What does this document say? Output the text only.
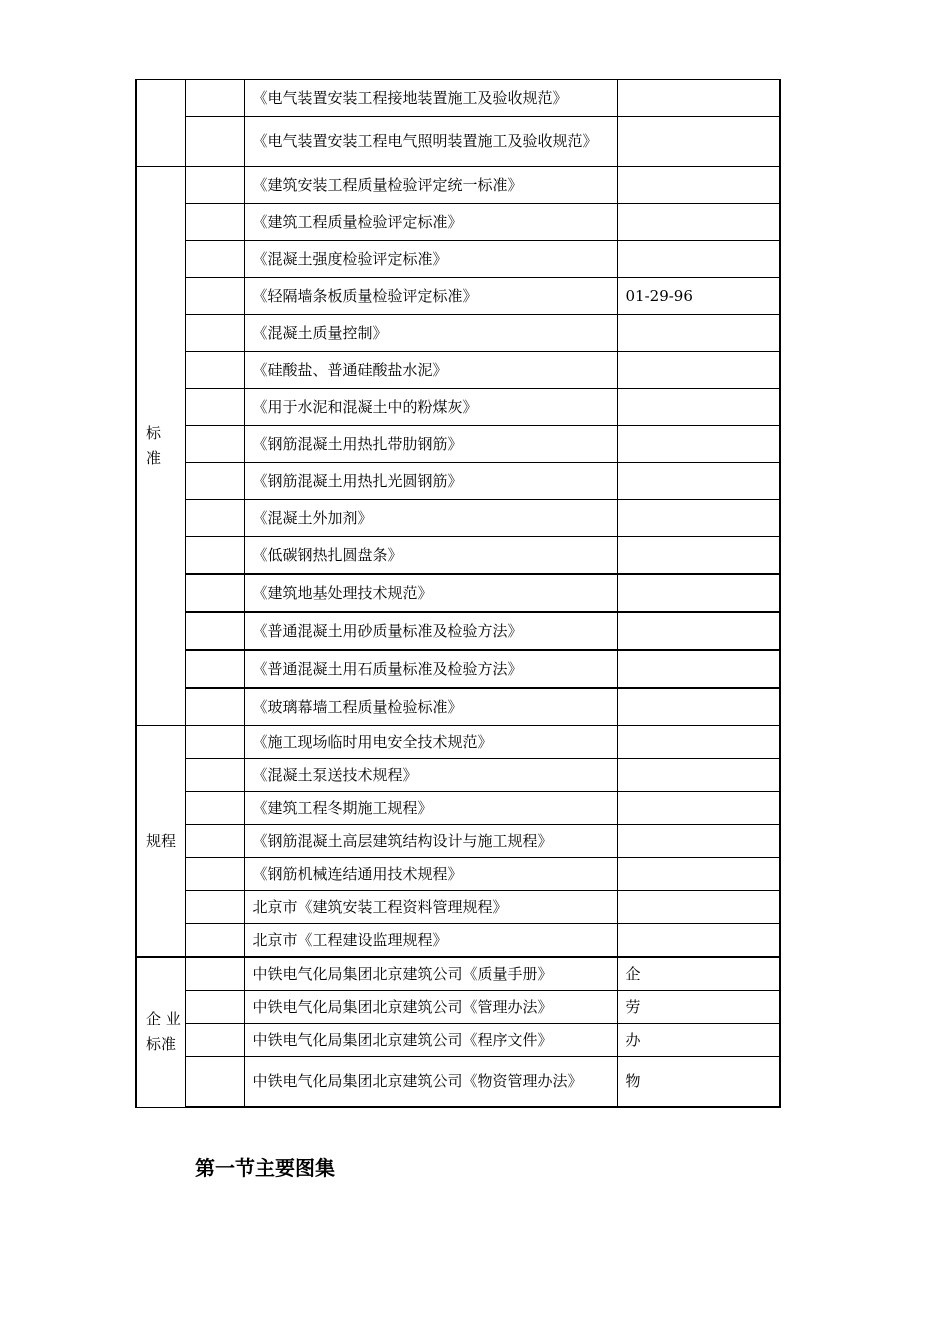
		《电气装置安装工程接地装置施工及验收规范》	

		《电气装置安装工程电气照明装置施工及验收规范》	

标
准		《建筑安装工程质量检验评定统一标准》	
		《建筑工程质量检验评定标准》	
		《混凝土强度检验评定标准》	
		《轻隔墙条板质量检验评定标准》	01-29-96
		《混凝土质量控制》	
		《硅酸盐、普通硅酸盐水泥》	
		《用于水泥和混凝土中的粉煤灰》	
		《钢筋混凝土用热扎带肋钢筋》	
		《钢筋混凝土用热扎光圆钢筋》	
		《混凝土外加剂》	
		《低碳钢热扎圆盘条》	
		《建筑地基处理技术规范》	
		《普通混凝土用砂质量标准及检验方法》	
		《普通混凝土用石质量标准及检验方法》	
		《玻璃幕墙工程质量检验标准》	

规程		《施工现场临时用电安全技术规范》	
		《混凝土泵送技术规程》	
		《建筑工程冬期施工规程》	
		《钢筋混凝土高层建筑结构设计与施工规程》	
		《钢筋机械连结通用技术规程》	
		北京市《建筑安装工程资料管理规程》	
		北京市《工程建设监理规程》	

企 业
标准		中铁电气化局集团北京建筑公司《质量手册》	企
		中铁电气化局集团北京建筑公司《管理办法》	劳
		中铁电气化局集团北京建筑公司《程序文件》	办

		中铁电气化局集团北京建筑公司《物资管理办法》	物
第一节主要图集
